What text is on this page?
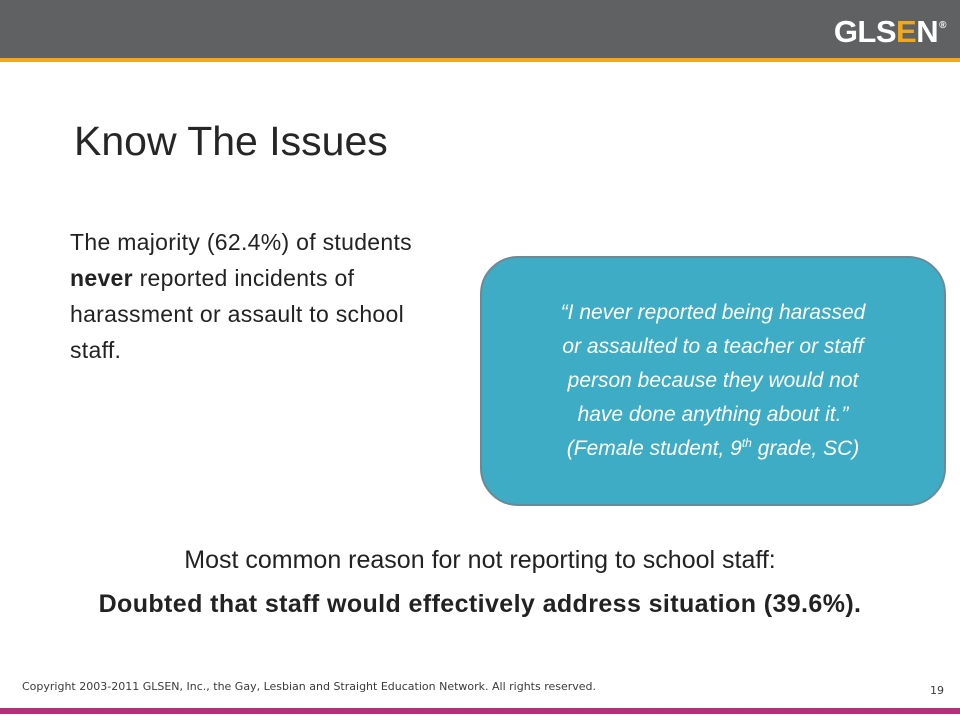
GLS E N ®
Know The Issues

The majority (62.4%) of students never reported incidents of harassment or assault to school staff.

“I never reported being harassed
or assaulted to a teacher or staff
person because they would not
have done anything about it.”
(Female student, 9th grade, SC)
Most common reason for not reporting to school staff:
Doubted that staff would effectively address situation (39.6%).
Copyright 2003-2011 GLSEN, Inc., the Gay, Lesbian and Straight Education Network. All rights reserved.	19
